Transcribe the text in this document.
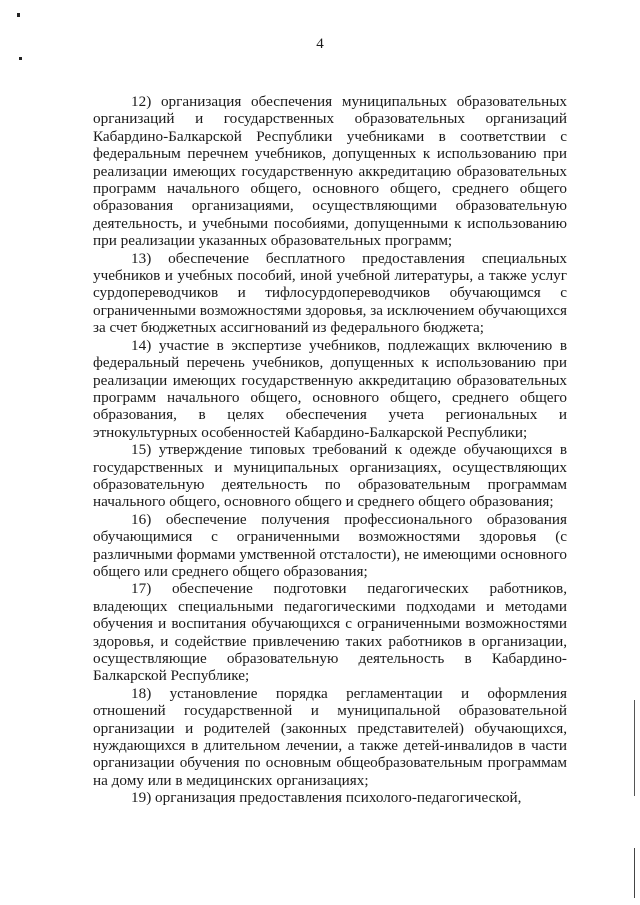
4

12) организация обеспечения муниципальных образовательных организаций и государственных образовательных организаций Кабардино-Балкарской Республики учебниками в соответствии с федеральным перечнем учебников, допущенных к использованию при реализации имеющих государственную аккредитацию образовательных программ начального общего, основного общего, среднего общего образования организациями, осуществляющими образовательную деятельность, и учебными пособиями, допущенными к использованию при реализации указанных образовательных программ;

13) обеспечение бесплатного предоставления специальных учебников и учебных пособий, иной учебной литературы, а также услуг сурдопереводчиков и тифлосурдопереводчиков обучающимся с ограниченными возможностями здоровья, за исключением обучающихся за счет бюджетных ассигнований из федерального бюджета;

14) участие в экспертизе учебников, подлежащих включению в федеральный перечень учебников, допущенных к использованию при реализации имеющих государственную аккредитацию образовательных программ начального общего, основного общего, среднего общего образования, в целях обеспечения учета региональных и этнокультурных особенностей Кабардино-Балкарской Республики;

15) утверждение типовых требований к одежде обучающихся в государственных и муниципальных организациях, осуществляющих образовательную деятельность по образовательным программам начального общего, основного общего и среднего общего образования;

16) обеспечение получения профессионального образования обучающимися с ограниченными возможностями здоровья (с различными формами умственной отсталости), не имеющими основного общего или среднего общего образования;

17) обеспечение подготовки педагогических работников, владеющих специальными педагогическими подходами и методами обучения и воспитания обучающихся с ограниченными возможностями здоровья, и содействие привлечению таких работников в организации, осуществляющие образовательную деятельность в Кабардино-Балкарской Республике;

18) установление порядка регламентации и оформления отношений государственной и муниципальной образовательной организации и родителей (законных представителей) обучающихся, нуждающихся в длительном лечении, а также детей-инвалидов в части организации обучения по основным общеобразовательным программам на дому или в медицинских организациях;

19) организация предоставления психолого-педагогической,
